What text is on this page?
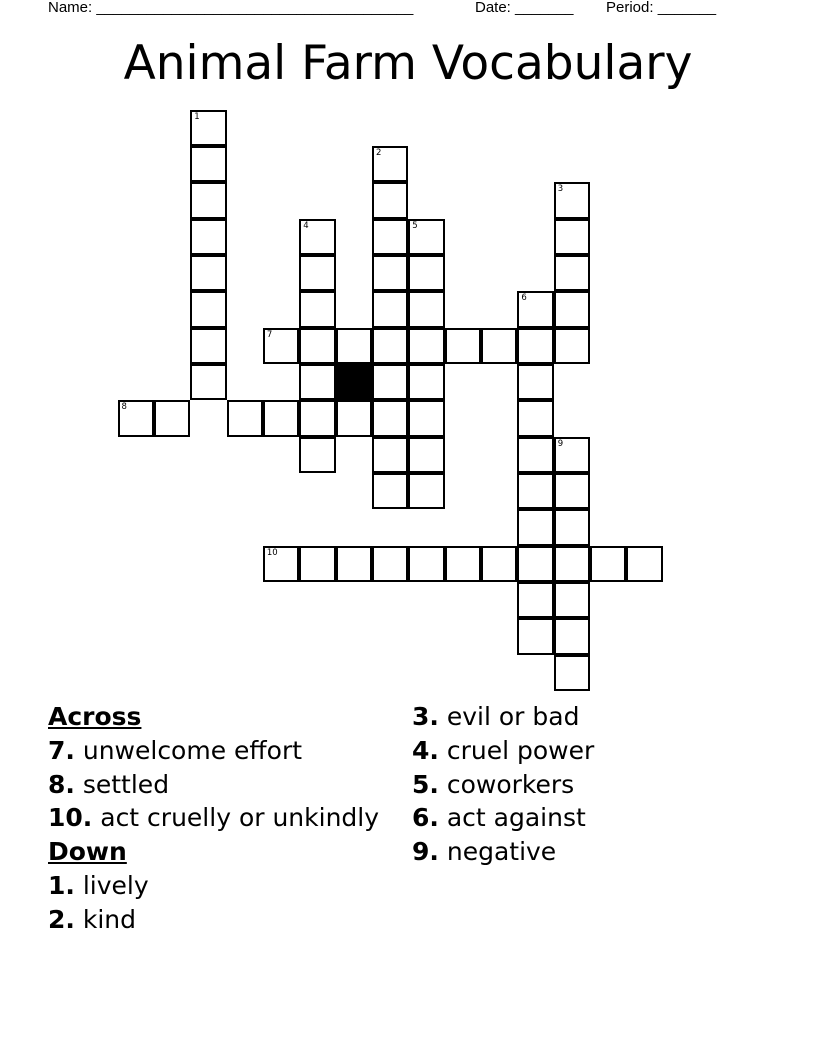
Name: ______________________________________	Date: _______ Period: _______
Animal Farm Vocabulary
1
2
3
4	5
6
7
8
9
10
Across
7. unwelcome effort
8. settled
10. act cruelly or unkindly
Down
1. lively
2. kind
3. evil or bad
4. cruel power
5. coworkers
6. act against
9. negative
